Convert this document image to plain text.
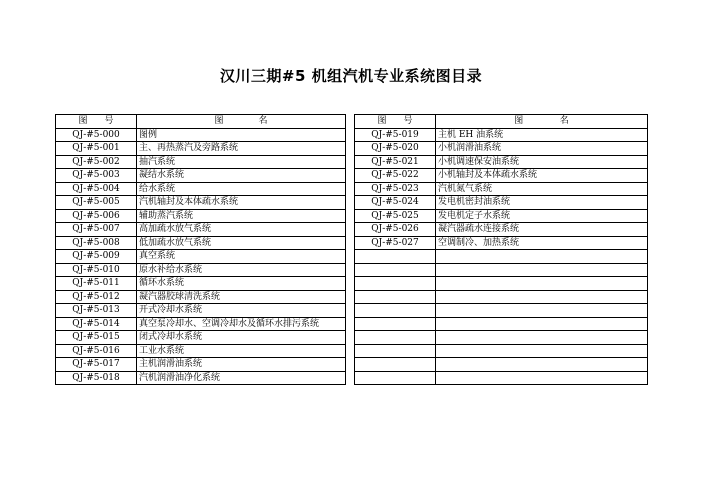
汉川三期#5 机组汽机专业系统图目录
图 号	图 名

QJ-#5-000	图例
QJ-#5-001	主、再热蒸汽及旁路系统
QJ-#5-002	抽汽系统
QJ-#5-003	凝结水系统
QJ-#5-004	给水系统
QJ-#5-005	汽机轴封及本体疏水系统
QJ-#5-006	辅助蒸汽系统
QJ-#5-007	高加疏水放气系统
QJ-#5-008	低加疏水放气系统
QJ-#5-009	真空系统
QJ-#5-010	原水补给水系统
QJ-#5-011	循环水系统
QJ-#5-012	凝汽器胶球清洗系统
QJ-#5-013	开式冷却水系统
QJ-#5-014	真空泵冷却水、空调冷却水及循环水排污系统
QJ-#5-015	闭式冷却水系统
QJ-#5-016	工业水系统
QJ-#5-017	主机润滑油系统
QJ-#5-018	汽机润滑油净化系统
图 号	图 名

QJ-#5-019	主机 EH 油系统
QJ-#5-020	小机润滑油系统
QJ-#5-021	小机调速保安油系统
QJ-#5-022	小机轴封及本体疏水系统
QJ-#5-023	汽机氮气系统
QJ-#5-024	发电机密封油系统
QJ-#5-025	发电机定子水系统
QJ-#5-026	凝汽器疏水连接系统
QJ-#5-027	空调制冷、加热系统
